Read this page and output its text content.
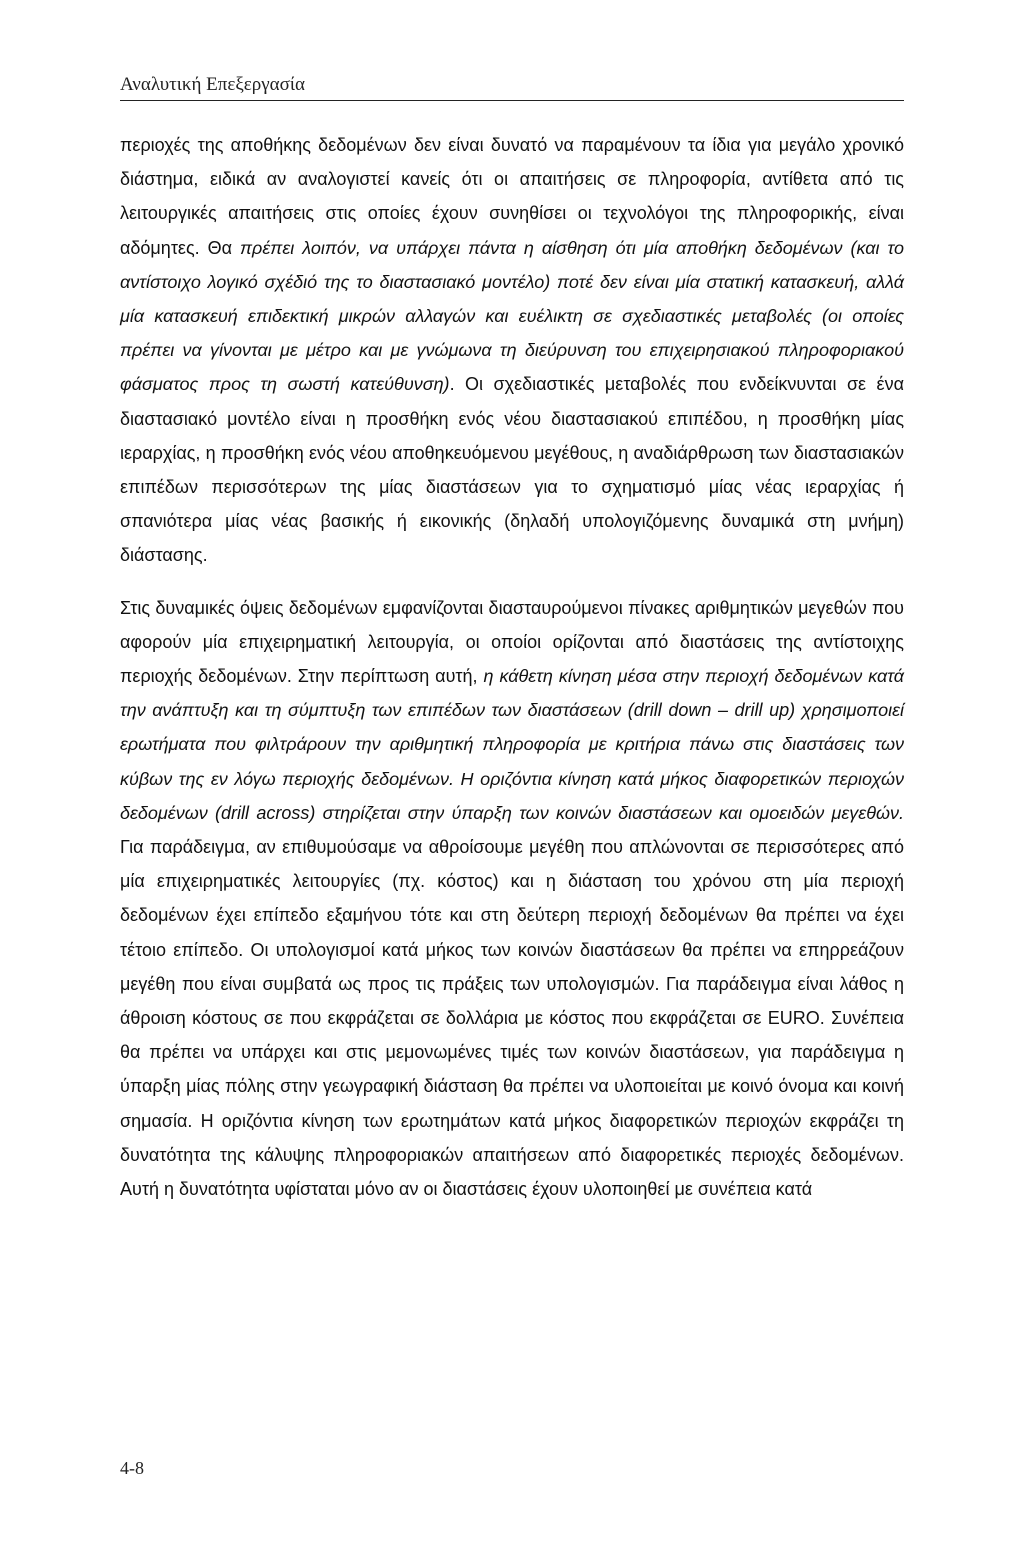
Αναλυτική Επεξεργασία

περιοχές της αποθήκης δεδομένων δεν είναι δυνατό να παραμένουν τα ίδια για μεγάλο χρονικό διάστημα, ειδικά αν αναλογιστεί κανείς ότι οι απαιτήσεις σε πληροφορία, αντίθετα από τις λειτουργικές απαιτήσεις στις οποίες έχουν συνηθίσει οι τεχνολόγοι της πληροφορικής, είναι αδόμητες. Θα πρέπει λοιπόν, να υπάρχει πάντα η αίσθηση ότι μία αποθήκη δεδομένων (και το αντίστοιχο λογικό σχέδιό της το διαστασιακό μοντέλο) ποτέ δεν είναι μία στατική κατασκευή, αλλά μία κατασκευή επιδεκτική μικρών αλλαγών και ευέλικτη σε σχεδιαστικές μεταβολές (οι οποίες πρέπει να γίνονται με μέτρο και με γνώμωνα τη διεύρυνση του επιχειρησιακού πληροφοριακού φάσματος προς τη σωστή κατεύθυνση). Οι σχεδιαστικές μεταβολές που ενδείκνυνται σε ένα διαστασιακό μοντέλο είναι η προσθήκη ενός νέου διαστασιακού επιπέδου, η προσθήκη μίας ιεραρχίας, η προσθήκη ενός νέου αποθηκευόμενου μεγέθους, η αναδιάρθρωση των διαστασιακών επιπέδων περισσότερων της μίας διαστάσεων για το σχηματισμό μίας νέας ιεραρχίας ή σπανιότερα μίας νέας βασικής ή εικονικής (δηλαδή υπολογιζόμενης δυναμικά στη μνήμη) διάστασης.

Στις δυναμικές όψεις δεδομένων εμφανίζονται διασταυρούμενοι πίνακες αριθμητικών μεγεθών που αφορούν μία επιχειρηματική λειτουργία, οι οποίοι ορίζονται από διαστάσεις της αντίστοιχης περιοχής δεδομένων. Στην περίπτωση αυτή, η κάθετη κίνηση μέσα στην περιοχή δεδομένων κατά την ανάπτυξη και τη σύμπτυξη των επιπέδων των διαστάσεων (drill down – drill up) χρησιμοποιεί ερωτήματα που φιλτράρουν την αριθμητική πληροφορία με κριτήρια πάνω στις διαστάσεις των κύβων της εν λόγω περιοχής δεδομένων. Η οριζόντια κίνηση κατά μήκος διαφορετικών περιοχών δεδομένων (drill across) στηρίζεται στην ύπαρξη των κοινών διαστάσεων και ομοειδών μεγεθών. Για παράδειγμα, αν επιθυμούσαμε να αθροίσουμε μεγέθη που απλώνονται σε περισσότερες από μία επιχειρηματικές λειτουργίες (πχ. κόστος) και η διάσταση του χρόνου στη μία περιοχή δεδομένων έχει επίπεδο εξαμήνου τότε και στη δεύτερη περιοχή δεδομένων θα πρέπει να έχει τέτοιο επίπεδο. Οι υπολογισμοί κατά μήκος των κοινών διαστάσεων θα πρέπει να επηρρεάζουν μεγέθη που είναι συμβατά ως προς τις πράξεις των υπολογισμών. Για παράδειγμα είναι λάθος η άθροιση κόστους σε που εκφράζεται σε δολλάρια με κόστος που εκφράζεται σε EURO. Συνέπεια θα πρέπει να υπάρχει και στις μεμονωμένες τιμές των κοινών διαστάσεων, για παράδειγμα η ύπαρξη μίας πόλης στην γεωγραφική διάσταση θα πρέπει να υλοποιείται με κοινό όνομα και κοινή σημασία. Η οριζόντια κίνηση των ερωτημάτων κατά μήκος διαφορετικών περιοχών εκφράζει τη δυνατότητα της κάλυψης πληροφοριακών απαιτήσεων από διαφορετικές περιοχές δεδομένων. Αυτή η δυνατότητα υφίσταται μόνο αν οι διαστάσεις έχουν υλοποιηθεί με συνέπεια κατά

4-8
